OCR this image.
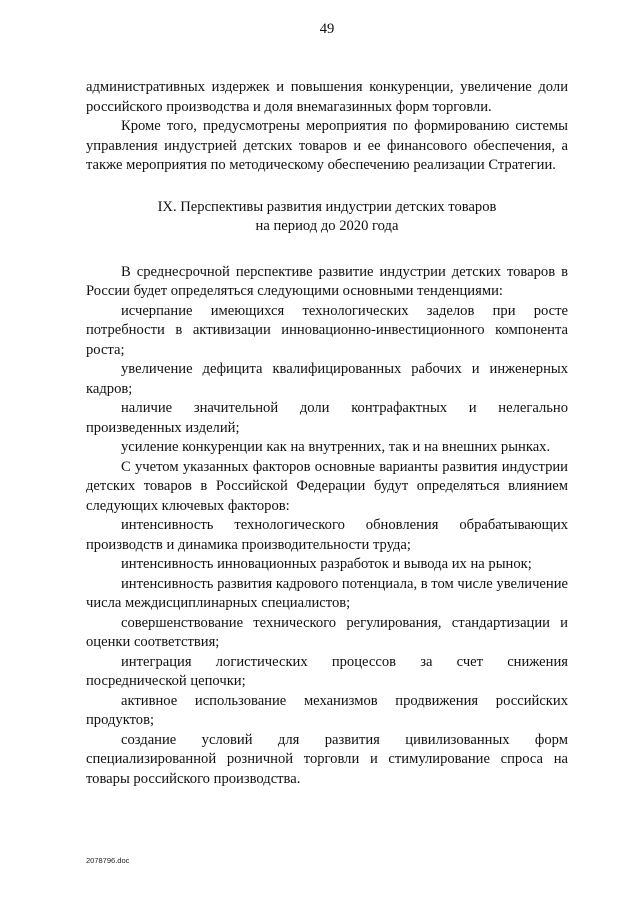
49

административных издержек и повышения конкуренции, увеличение доли российского производства и доля внемагазинных форм торговли.

Кроме того, предусмотрены мероприятия по формированию системы управления индустрией детских товаров и ее финансового обеспечения, а также мероприятия по методическому обеспечению реализации Стратегии.

IX. Перспективы развития индустрии детских товаров
на период до 2020 года

В среднесрочной перспективе развитие индустрии детских товаров в России будет определяться следующими основными тенденциями:

исчерпание имеющихся технологических заделов при росте потребности в активизации инновационно-инвестиционного компонента роста;

увеличение дефицита квалифицированных рабочих и инженерных кадров;

наличие значительной доли контрафактных и нелегально произведенных изделий;

усиление конкуренции как на внутренних, так и на внешних рынках.

С учетом указанных факторов основные варианты развития индустрии детских товаров в Российской Федерации будут определяться влиянием следующих ключевых факторов:

интенсивность технологического обновления обрабатывающих производств и динамика производительности труда;

интенсивность инновационных разработок и вывода их на рынок;

интенсивность развития кадрового потенциала, в том числе увеличение числа междисциплинарных специалистов;

совершенствование технического регулирования, стандартизации и оценки соответствия;

интеграция логистических процессов за счет снижения посреднической цепочки;

активное использование механизмов продвижения российских продуктов;

создание условий для развития цивилизованных форм специализированной розничной торговли и стимулирование спроса на товары российского производства.

2078796.doc
